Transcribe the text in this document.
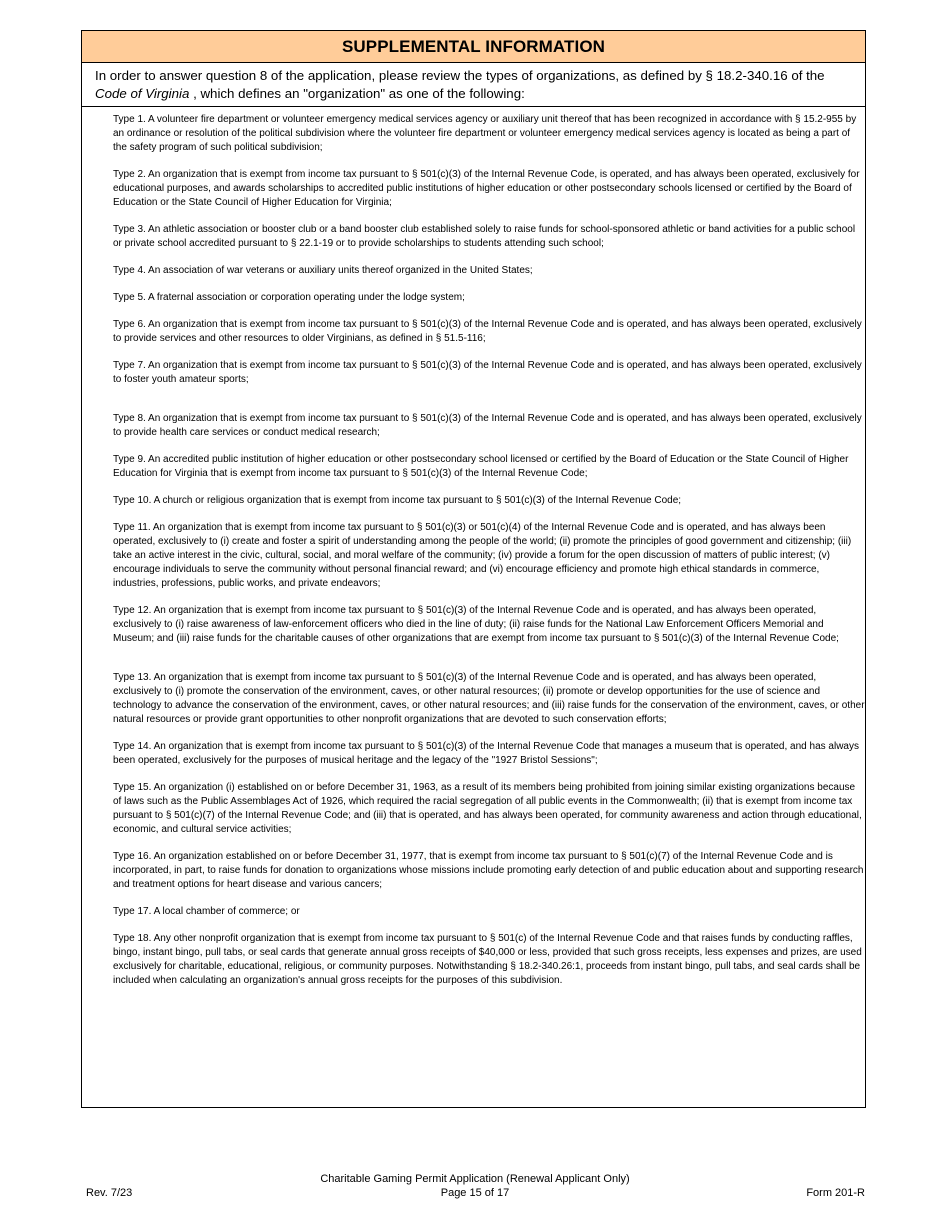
SUPPLEMENTAL INFORMATION
In order to answer question 8 of the application, please review the types of organizations, as defined by § 18.2-340.16 of the Code of Virginia , which defines an "organization" as one of the following:
Type 1. A volunteer fire department or volunteer emergency medical services agency or auxiliary unit thereof that has been recognized in accordance with § 15.2-955 by an ordinance or resolution of the political subdivision where the volunteer fire department or volunteer emergency medical services agency is located as being a part of the safety program of such political subdivision;
Type 2. An organization that is exempt from income tax pursuant to § 501(c)(3) of the Internal Revenue Code, is operated, and has always been operated, exclusively for educational purposes, and awards scholarships to accredited public institutions of higher education or other postsecondary schools licensed or certified by the Board of Education or the State Council of Higher Education for Virginia;
Type 3. An athletic association or booster club or a band booster club established solely to raise funds for school-sponsored athletic or band activities for a public school or private school accredited pursuant to § 22.1-19 or to provide scholarships to students attending such school;
Type 4. An association of war veterans or auxiliary units thereof organized in the United States;
Type 5. A fraternal association or corporation operating under the lodge system;
Type 6. An organization that is exempt from income tax pursuant to § 501(c)(3) of the Internal Revenue Code and is operated, and has always been operated, exclusively to provide services and other resources to older Virginians, as defined in § 51.5-116;
Type 7. An organization that is exempt from income tax pursuant to § 501(c)(3) of the Internal Revenue Code and is operated, and has always been operated, exclusively to foster youth amateur sports;
Type 8. An organization that is exempt from income tax pursuant to § 501(c)(3) of the Internal Revenue Code and is operated, and has always been operated, exclusively to provide health care services or conduct medical research;
Type 9. An accredited public institution of higher education or other postsecondary school licensed or certified by the Board of Education or the State Council of Higher Education for Virginia that is exempt from income tax pursuant to § 501(c)(3) of the Internal Revenue Code;
Type 10. A church or religious organization that is exempt from income tax pursuant to § 501(c)(3) of the Internal Revenue Code;
Type 11. An organization that is exempt from income tax pursuant to § 501(c)(3) or 501(c)(4) of the Internal Revenue Code and is operated, and has always been operated, exclusively to (i) create and foster a spirit of understanding among the people of the world; (ii) promote the principles of good government and citizenship; (iii) take an active interest in the civic, cultural, social, and moral welfare of the community; (iv) provide a forum for the open discussion of matters of public interest; (v) encourage individuals to serve the community without personal financial reward; and (vi) encourage efficiency and promote high ethical standards in commerce, industries, professions, public works, and private endeavors;
Type 12. An organization that is exempt from income tax pursuant to § 501(c)(3) of the Internal Revenue Code and is operated, and has always been operated, exclusively to (i) raise awareness of law-enforcement officers who died in the line of duty; (ii) raise funds for the National Law Enforcement Officers Memorial and Museum; and (iii) raise funds for the charitable causes of other organizations that are exempt from income tax pursuant to § 501(c)(3) of the Internal Revenue Code;
Type 13. An organization that is exempt from income tax pursuant to § 501(c)(3) of the Internal Revenue Code and is operated, and has always been operated, exclusively to (i) promote the conservation of the environment, caves, or other natural resources; (ii) promote or develop opportunities for the use of science and technology to advance the conservation of the environment, caves, or other natural resources; and (iii) raise funds for the conservation of the environment, caves, or other natural resources or provide grant opportunities to other nonprofit organizations that are devoted to such conservation efforts;
Type 14. An organization that is exempt from income tax pursuant to § 501(c)(3) of the Internal Revenue Code that manages a museum that is operated, and has always been operated, exclusively for the purposes of musical heritage and the legacy of the "1927 Bristol Sessions";
Type 15. An organization (i) established on or before December 31, 1963, as a result of its members being prohibited from joining similar existing organizations because of laws such as the Public Assemblages Act of 1926, which required the racial segregation of all public events in the Commonwealth; (ii) that is exempt from income tax pursuant to § 501(c)(7) of the Internal Revenue Code; and (iii) that is operated, and has always been operated, for community awareness and action through educational, economic, and cultural service activities;
Type 16. An organization established on or before December 31, 1977, that is exempt from income tax pursuant to § 501(c)(7) of the Internal Revenue Code and is incorporated, in part, to raise funds for donation to organizations whose missions include promoting early detection of and public education about and supporting research and treatment options for heart disease and various cancers;
Type 17. A local chamber of commerce; or
Type 18. Any other nonprofit organization that is exempt from income tax pursuant to § 501(c) of the Internal Revenue Code and that raises funds by conducting raffles, bingo, instant bingo, pull tabs, or seal cards that generate annual gross receipts of $40,000 or less, provided that such gross receipts, less expenses and prizes, are used exclusively for charitable, educational, religious, or community purposes. Notwithstanding § 18.2-340.26:1, proceeds from instant bingo, pull tabs, and seal cards shall be included when calculating an organization's annual gross receipts for the purposes of this subdivision.
Rev. 7/23
Charitable Gaming Permit Application (Renewal Applicant Only)
Page 15 of 17	Form 201-R
